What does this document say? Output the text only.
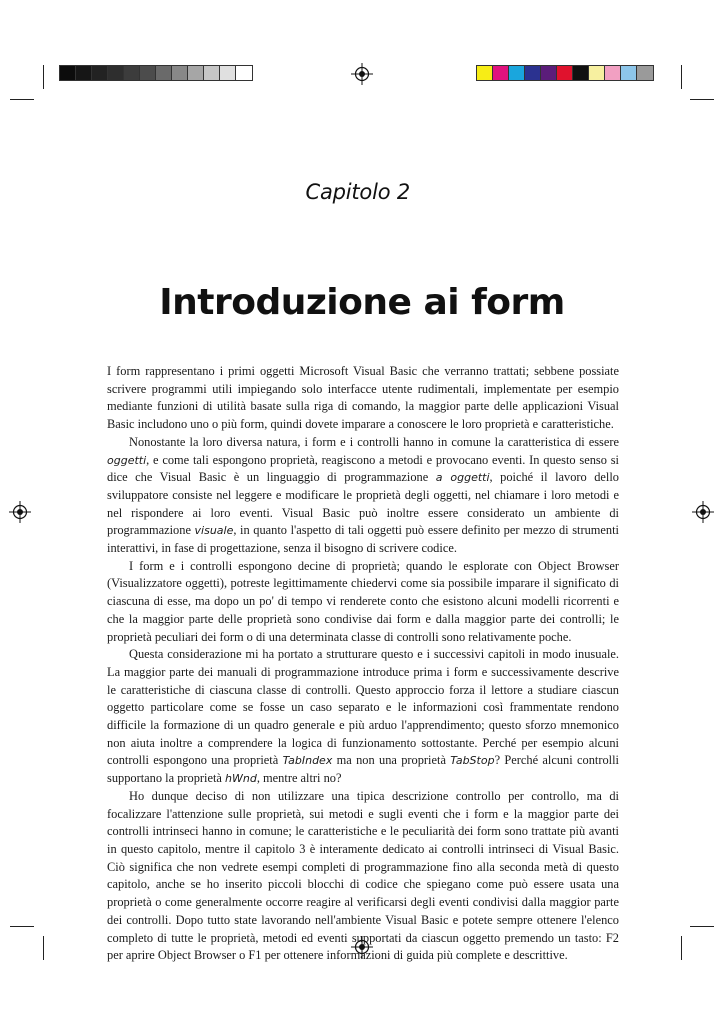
Capitolo 2
Introduzione ai form

I form rappresentano i primi oggetti Microsoft Visual Basic che verranno trattati; sebbene possiate scrivere programmi utili impiegando solo interfacce utente rudimentali, implementate per esempio mediante funzioni di utilità basate sulla riga di comando, la maggior parte delle applicazioni Visual Basic includono uno o più form, quindi dovete imparare a conoscere le loro proprietà e caratteristiche.

Nonostante la loro diversa natura, i form e i controlli hanno in comune la caratteristica di essere oggetti, e come tali espongono proprietà, reagiscono a metodi e provocano eventi. In questo senso si dice che Visual Basic è un linguaggio di programmazione a oggetti, poiché il lavoro dello sviluppatore consiste nel leggere e modificare le proprietà degli oggetti, nel chiamare i loro metodi e nel rispondere ai loro eventi. Visual Basic può inoltre essere considerato un ambiente di programmazione visuale, in quanto l'aspetto di tali oggetti può essere definito per mezzo di strumenti interattivi, in fase di progettazione, senza il bisogno di scrivere codice.

I form e i controlli espongono decine di proprietà; quando le esplorate con Object Browser (Visualizzatore oggetti), potreste legittimamente chiedervi come sia possibile imparare il significato di ciascuna di esse, ma dopo un po' di tempo vi renderete conto che esistono alcuni modelli ricorrenti e che la maggior parte delle proprietà sono condivise dai form e dalla maggior parte dei controlli; le proprietà peculiari dei form o di una determinata classe di controlli sono relativamente poche.

Questa considerazione mi ha portato a strutturare questo e i successivi capitoli in modo inusuale. La maggior parte dei manuali di programmazione introduce prima i form e successivamente descrive le caratteristiche di ciascuna classe di controlli. Questo approccio forza il lettore a studiare ciascun oggetto particolare come se fosse un caso separato e le informazioni così frammentate rendono difficile la formazione di un quadro generale e più arduo l'apprendimento; questo sforzo mnemonico non aiuta inoltre a comprendere la logica di funzionamento sottostante. Perché per esempio alcuni controlli espongono una proprietà TabIndex ma non una proprietà TabStop? Perché alcuni controlli supportano la proprietà hWnd, mentre altri no?

Ho dunque deciso di non utilizzare una tipica descrizione controllo per controllo, ma di focalizzare l'attenzione sulle proprietà, sui metodi e sugli eventi che i form e la maggior parte dei controlli intrinseci hanno in comune; le caratteristiche e le peculiarità dei form sono trattate più avanti in questo capitolo, mentre il capitolo 3 è interamente dedicato ai controlli intrinseci di Visual Basic. Ciò significa che non vedrete esempi completi di programmazione fino alla seconda metà di questo capitolo, anche se ho inserito piccoli blocchi di codice che spiegano come può essere usata una proprietà o come generalmente occorre reagire al verificarsi degli eventi condivisi dalla maggior parte dei controlli. Dopo tutto state lavorando nell'ambiente Visual Basic e potete sempre ottenere l'elenco completo di tutte le proprietà, metodi ed eventi supportati da ciascun oggetto premendo un tasto: F2 per aprire Object Browser o F1 per ottenere informazioni di guida più complete e descrittive.
